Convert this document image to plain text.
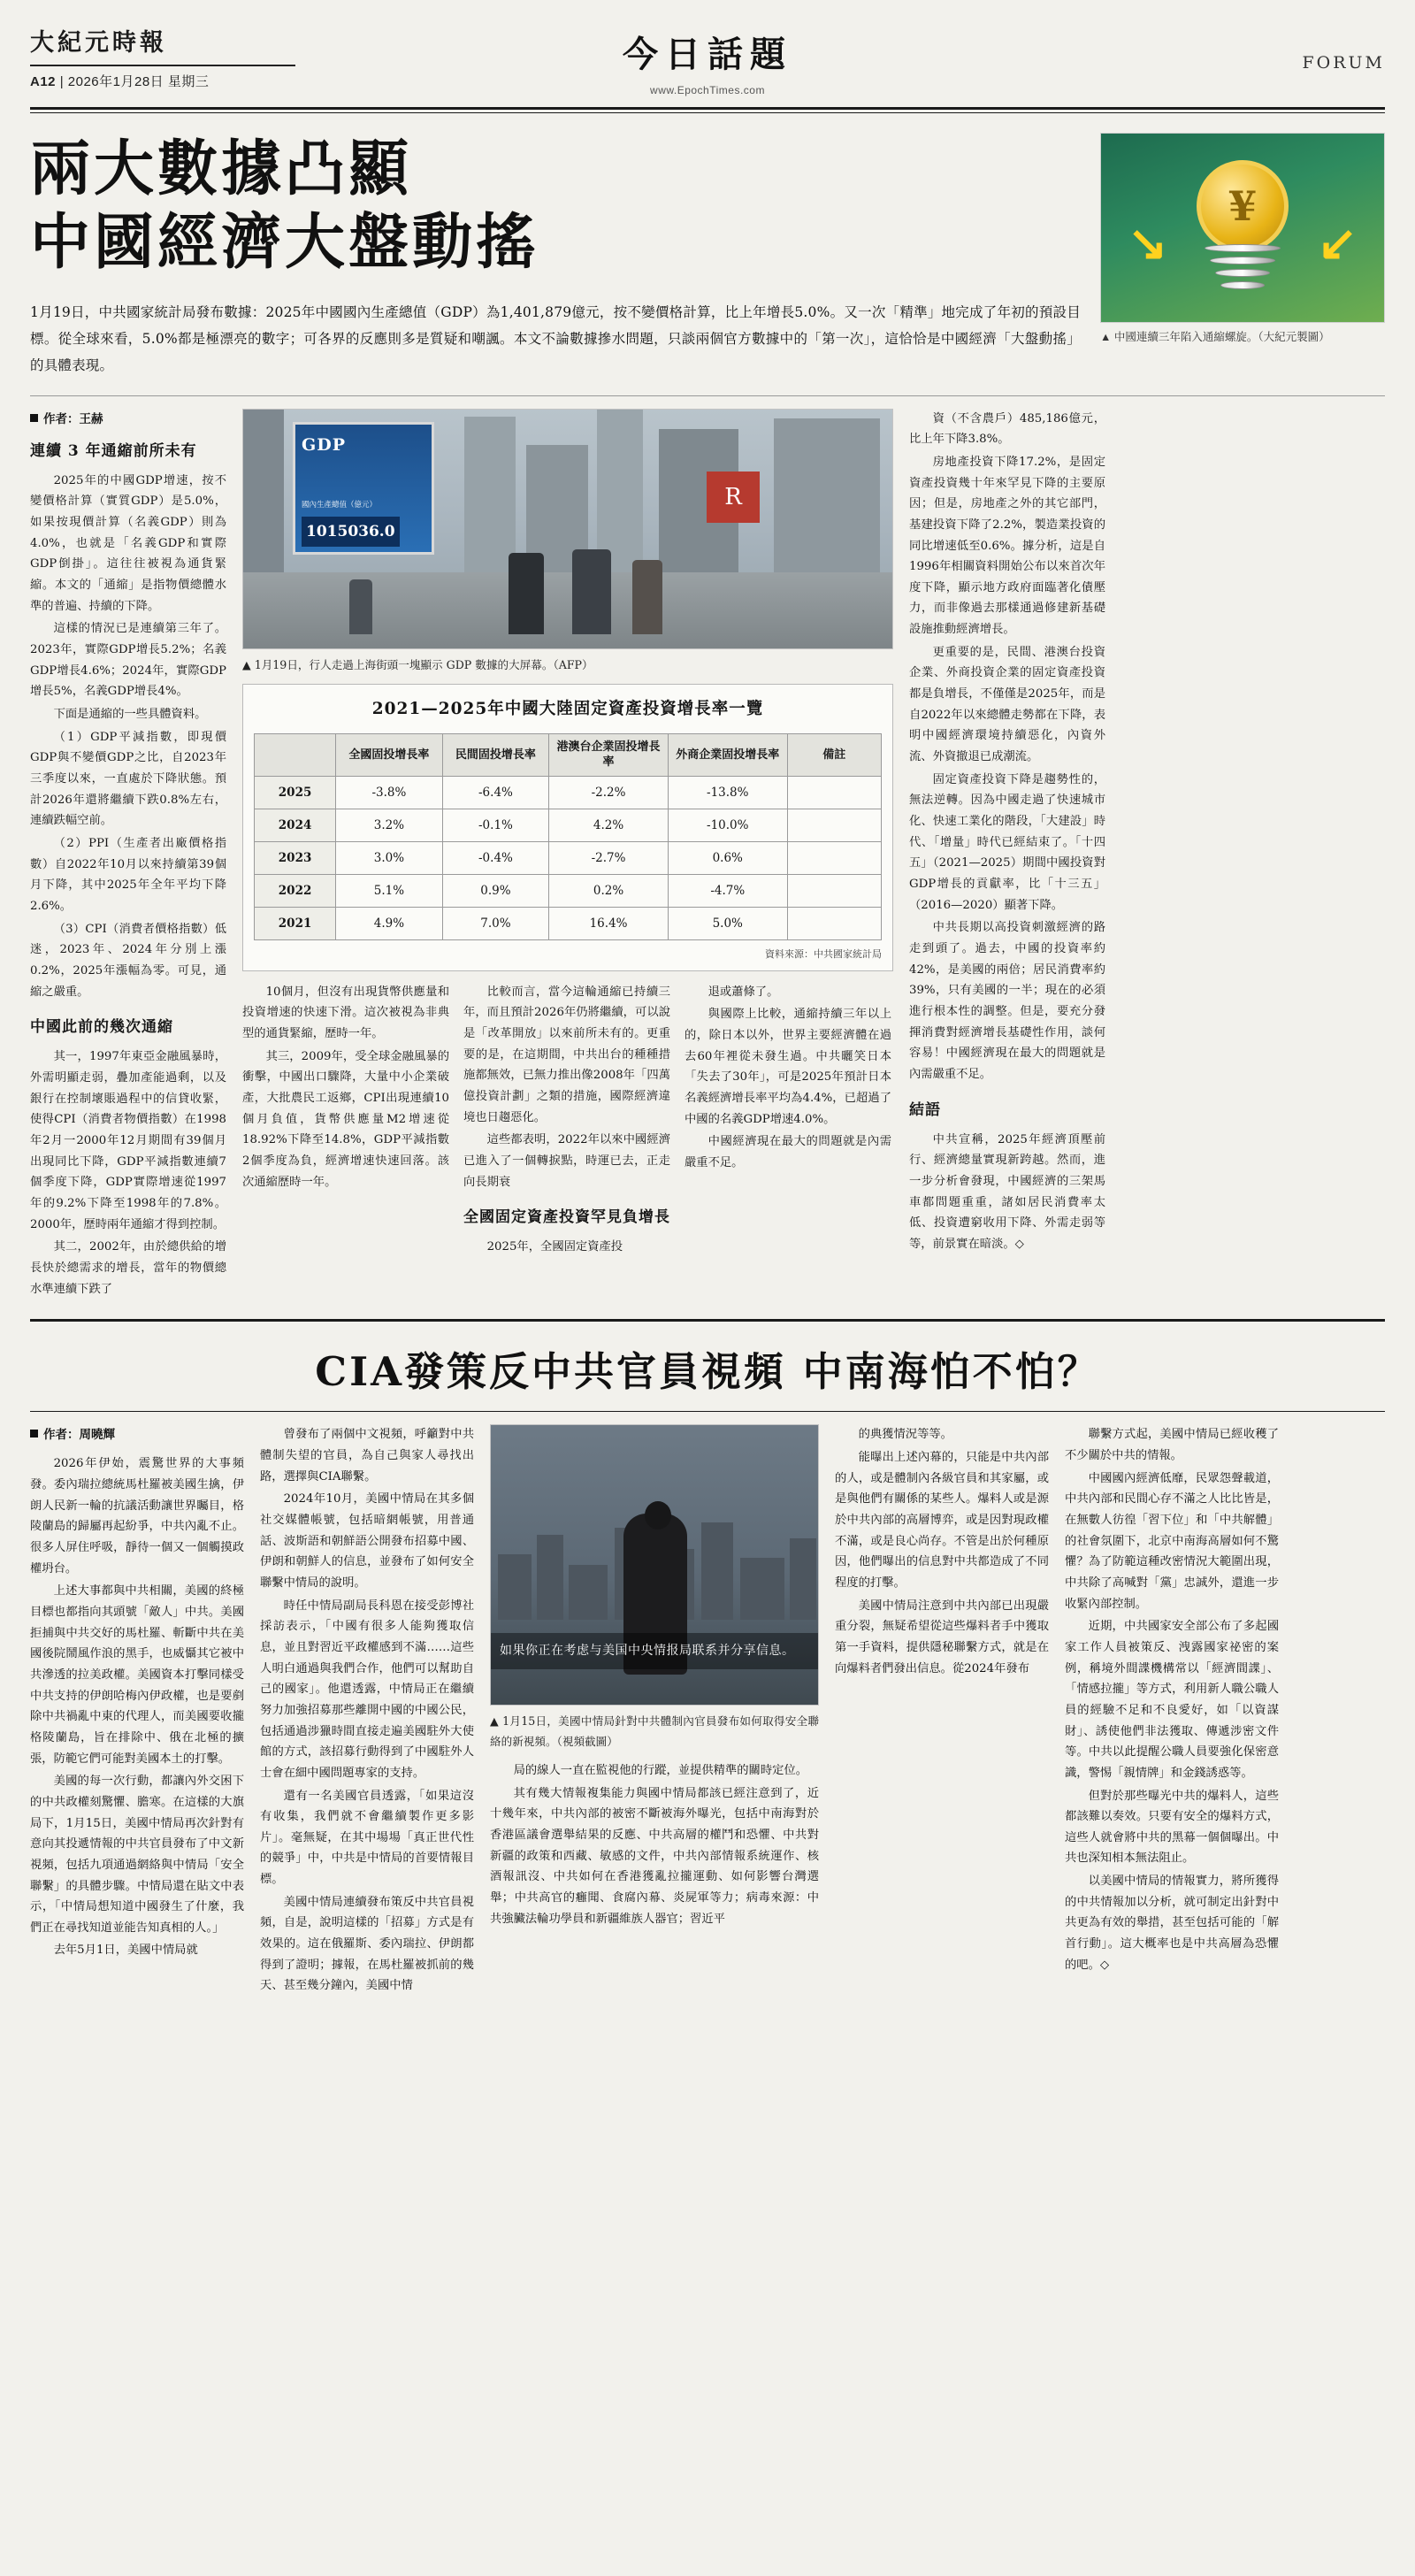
大紀元時報
A12 | 2026年1月28日 星期三
今日話題
www.EpochTimes.com
FORUM
兩大數據凸顯
中國經濟大盤動搖
1月19日，中共國家統計局發布數據：2025年中國國內生產總值（GDP）為1,401,879億元，按不變價格計算，比上年增長5.0%。又一次「精準」地完成了年初的預設目標。從全球來看，5.0%都是極漂亮的數字；可各界的反應則多是質疑和嘲諷。本文不論數據摻水問題，只談兩個官方數據中的「第一次」，這恰恰是中國經濟「大盤動搖」的具體表現。
¥
↘	↙
▲ 中國連續三年陷入通縮螺旋。（大紀元製圖）
作者：王赫
連續 3 年通縮前所未有

2025年的中國GDP增速，按不變價格計算（實質GDP）是5.0%，如果按現價計算（名義GDP）則為4.0%，也就是「名義GDP和實際GDP倒掛」。這往往被視為通貨緊縮。本文的「通縮」是指物價總體水準的普遍、持續的下降。

這樣的情況已是連續第三年了。2023年，實際GDP增長5.2%；名義GDP增長4.6%；2024年，實際GDP增長5%，名義GDP增長4%。

下面是通縮的一些具體資料。

（1）GDP平減指數，即現價GDP與不變價GDP之比，自2023年三季度以來，一直處於下降狀態。預計2026年還將繼續下跌0.8%左右，連續跌幅空前。

（2）PPI（生產者出廠價格指數）自2022年10月以來持續第39個月下降，其中2025年全年平均下降2.6%。

（3）CPI（消費者價格指數）低迷，2023年、2024年分別上漲0.2%，2025年漲幅為零。可見，通縮之嚴重。

中國此前的幾次通縮

其一，1997年東亞金融風暴時，外需明顯走弱，疊加產能過剩，以及銀行在控制壞賬過程中的信貸收緊，使得CPI（消費者物價指數）在1998年2月一2000年12月期間有39個月出現同比下降，GDP平減指數連續7個季度下降，GDP實際增速從1997年的9.2%下降至1998年的7.8%。2000年，歷時兩年通縮才得到控制。

其二，2002年，由於總供給的增長快於總需求的增長，當年的物價總水準連續下跌了

GDP
國內生產總值（億元）
1015036.0
R
▲ 1月19日，行人走過上海街頭一塊顯示 GDP 數據的大屏幕。（AFP）
2021—2025年中國大陸固定資產投資增長率一覽
	全國固投增長率	民間固投增長率	港澳台企業固投增長率	外商企業固投增長率	備註
2025	-3.8%	-6.4%	-2.2%	-13.8%	
2024	3.2%	-0.1%	4.2%	-10.0%	
2023	3.0%	-0.4%	-2.7%	0.6%	
2022	5.1%	0.9%	0.2%	-4.7%	
2021	4.9%	7.0%	16.4%	5.0%	
資料來源：中共國家統計局

10個月，但沒有出現貨幣供應量和投資增速的快速下滑。這次被視為非典型的通貨緊縮，歷時一年。

其三，2009年，受全球金融風暴的衝擊，中國出口驟降，大量中小企業破產，大批農民工返鄉，CPI出現連續10個月負值，貨幣供應量M2增速從18.92%下降至14.8%，GDP平減指數2個季度為負，經濟增速快速回落。該次通縮歷時一年。

比較而言，當今這輪通縮已持續三年，而且預計2026年仍將繼續，可以說是「改革開放」以來前所未有的。更重要的是，在這期間，中共出台的種種措施都無效，已無力推出像2008年「四萬億投資計劃」之類的措施，國際經濟違境也日趨惡化。

這些都表明，2022年以來中國經濟已進入了一個轉捩點，時運已去，正走向長期衰

全國固定資產投資罕見負增長

2025年，全國固定資產投

退或蕭條了。

與國際上比較，通縮持續三年以上的，除日本以外，世界主要經濟體在過去60年裡從未發生過。中共曬笑日本「失去了30年」，可是2025年預計日本名義經濟增長率平均為4.4%，已超過了中國的名義GDP增速4.0%。

中國經濟現在最大的問題就是內需嚴重不足。

資（不含農戶）485,186億元，比上年下降3.8%。

房地產投資下降17.2%，是固定資產投資幾十年來罕見下降的主要原因；但是，房地產之外的其它部門，基建投資下降了2.2%，製造業投資的同比增速低至0.6%。據分析，這是自1996年相關資料開始公布以來首次年度下降，顯示地方政府面臨著化債壓力，而非像過去那樣通過修建新基礎設施推動經濟增長。

更重要的是，民間、港澳台投資企業、外商投資企業的固定資產投資都是負增長，不僅僅是2025年，而是自2022年以來總體走勢都在下降，表明中國經濟環境持續惡化，內資外流、外資撤退已成潮流。

固定資產投資下降是趨勢性的，無法逆轉。因為中國走過了快速城市化、快速工業化的階段，「大建設」時代、「增量」時代已經結束了。「十四五」（2021—2025）期間中國投資對GDP增長的貢獻率，比「十三五」（2016—2020）顯著下降。

中共長期以高投資刺激經濟的路走到頭了。過去，中國的投資率約42%，是美國的兩倍；居民消費率約39%，只有美國的一半；現在的必須進行根本性的調整。但是，要充分發揮消費對經濟增長基礎性作用，談何容易！中國經濟現在最大的問題就是內需嚴重不足。

結語

中共宣稱，2025年經濟頂壓前行、經濟總量實現新跨越。然而，進一步分析會發現，中國經濟的三架馬車都問題重重，諸如居民消費率太低、投資遭窮收用下降、外需走弱等等，前景實在暗淡。◇

CIA發策反中共官員視頻 中南海怕不怕？
作者：周曉輝

2026年伊始，震驚世界的大事頻發。委內瑞拉總統馬杜羅被美國生擒，伊朗人民新一輪的抗議活動讓世界矚目，格陵蘭島的歸屬再起紛爭，中共內亂不止。很多人屏住呼吸，靜待一個又一個觸摸政權坍台。

上述大事都與中共相關，美國的終極目標也都指向其頭號「敵人」中共。美國拒捕與中共交好的馬杜羅、斬斷中共在美國後院鬧風作浪的黑手，也威懾其它被中共滲透的拉美政權。美國資本打擊同樣受中共支持的伊朗哈梅內伊政權，也是要剷除中共禍亂中東的代理人，而美國要收攏格陵蘭島，旨在排除中、俄在北極的擴張，防範它們可能對美國本土的打擊。

美國的每一次行動，都讓內外交困下的中共政權刻驚懼、膽寒。在這樣的大旗局下，1月15日，美國中情局再次針對有意向其投遞情報的中共官員發布了中文新視頻，包括九項通過網絡與中情局「安全聯繫」的具體步驟。中情局還在貼文中表示，「中情局想知道中國發生了什麼，我們正在尋找知道並能告知真相的人。」

去年5月1日，美國中情局就

曾發布了兩個中文視頻，呼籲對中共體制失望的官員，為自己與家人尋找出路，選擇與CIA聯繫。

2024年10月，美國中情局在其多個社交媒體帳號，包括暗網帳號，用普通話、波斯語和朝鮮語公開發布招募中國、伊朗和朝鮮人的信息，並發布了如何安全聯繫中情局的說明。

時任中情局副局長科恩在接受彭博社採訪表示，「中國有很多人能夠獲取信息，並且對習近平政權感到不滿……這些人明白通過與我們合作，他們可以幫助自己的國家」。他還透露，中情局正在繼續努力加強招募那些離開中國的中國公民，包括通過涉獵時間直接走遍美國駐外大使館的方式，該招募行動得到了中國駐外人士會在細中國問題專家的支持。

還有一名美國官員透露，「如果這沒有收集，我們就不會繼續製作更多影片」。毫無疑，在其中場場「真正世代性的競爭」中，中共是中情局的首要情報目標。

美國中情局連續發布策反中共官員視頻，自是，說明這樣的「招募」方式是有效果的。這在俄羅斯、委內瑞拉、伊朗都得到了證明；據報，在馬杜羅被抓前的幾天、甚至幾分鐘內，美國中情

如果你正在考虑与美国中央情报局联系并分享信息。
▲ 1月15日，美國中情局針對中共體制內官員發布如何取得安全聯絡的新視頻。（視頻截圖）

局的線人一直在監視他的行蹤，並提供精準的關時定位。

其有幾大情報複集能力與國中情局都該已經注意到了，近十幾年來，中共內部的被密不斷被海外曝光，包括中南海對於香港區議會選舉結果的反應、中共高層的權鬥和恐懼、中共對新疆的政策和西藏、敏感的文件，中共內部情報系統運作、核酒報訊沒、中共如何在香港獲亂拉攏運動、如何影響台灣選舉；中共高官的癰聞、食腐內幕、炎屍軍等力；病毒來源：中共強臟法輪功學員和新疆維族人器官；習近平

的典獲情況等等。

能曝出上述內幕的，只能是中共內部的人，或是體制內各級官員和其家屬，或是與他們有關係的某些人。爆料人或是源於中共內部的高層博弈，或是因對現政權不滿，或是良心尚存。不管是出於何種原因，他們曝出的信息對中共都造成了不同程度的打擊。

美國中情局注意到中共內部已出現嚴重分裂，無疑希望從這些爆料者手中獲取第一手資料，提供隱秘聯繫方式，就是在向爆料者們發出信息。從2024年發布

聯繫方式起，美國中情局已經收穫了不少關於中共的情報。

中國國內經濟低靡，民眾怨聲載道，中共內部和民間心存不滿之人比比皆是，在無數人彷徨「習下位」和「中共解體」的社會氛圍下，北京中南海高層如何不驚懼？為了防範這種改密情況大範圍出現，中共除了高喊對「黨」忠誠外，還進一步收緊內部控制。

近期，中共國家安全部公布了多起國家工作人員被策反、洩露國家祕密的案例，稱境外間諜機構常以「經濟間諜」、「情感拉攏」等方式，利用新人職公職人員的經驗不足和不良愛好，如「以資謀財」、誘使他們非法獲取、傳遞涉密文件等。中共以此提醒公職人員要強化保密意識，警惕「親情牌」和金錢誘惑等。

但對於那些曝光中共的爆料人，這些都該難以奏效。只要有安全的爆料方式，這些人就會將中共的黑幕一個個曝出。中共也深知相本無法阻止。

以美國中情局的情報實力，將所獲得的中共情報加以分析，就可制定出針對中共更為有效的舉措，甚至包括可能的「解首行動」。這大概率也是中共高層為恐懼的吧。◇
